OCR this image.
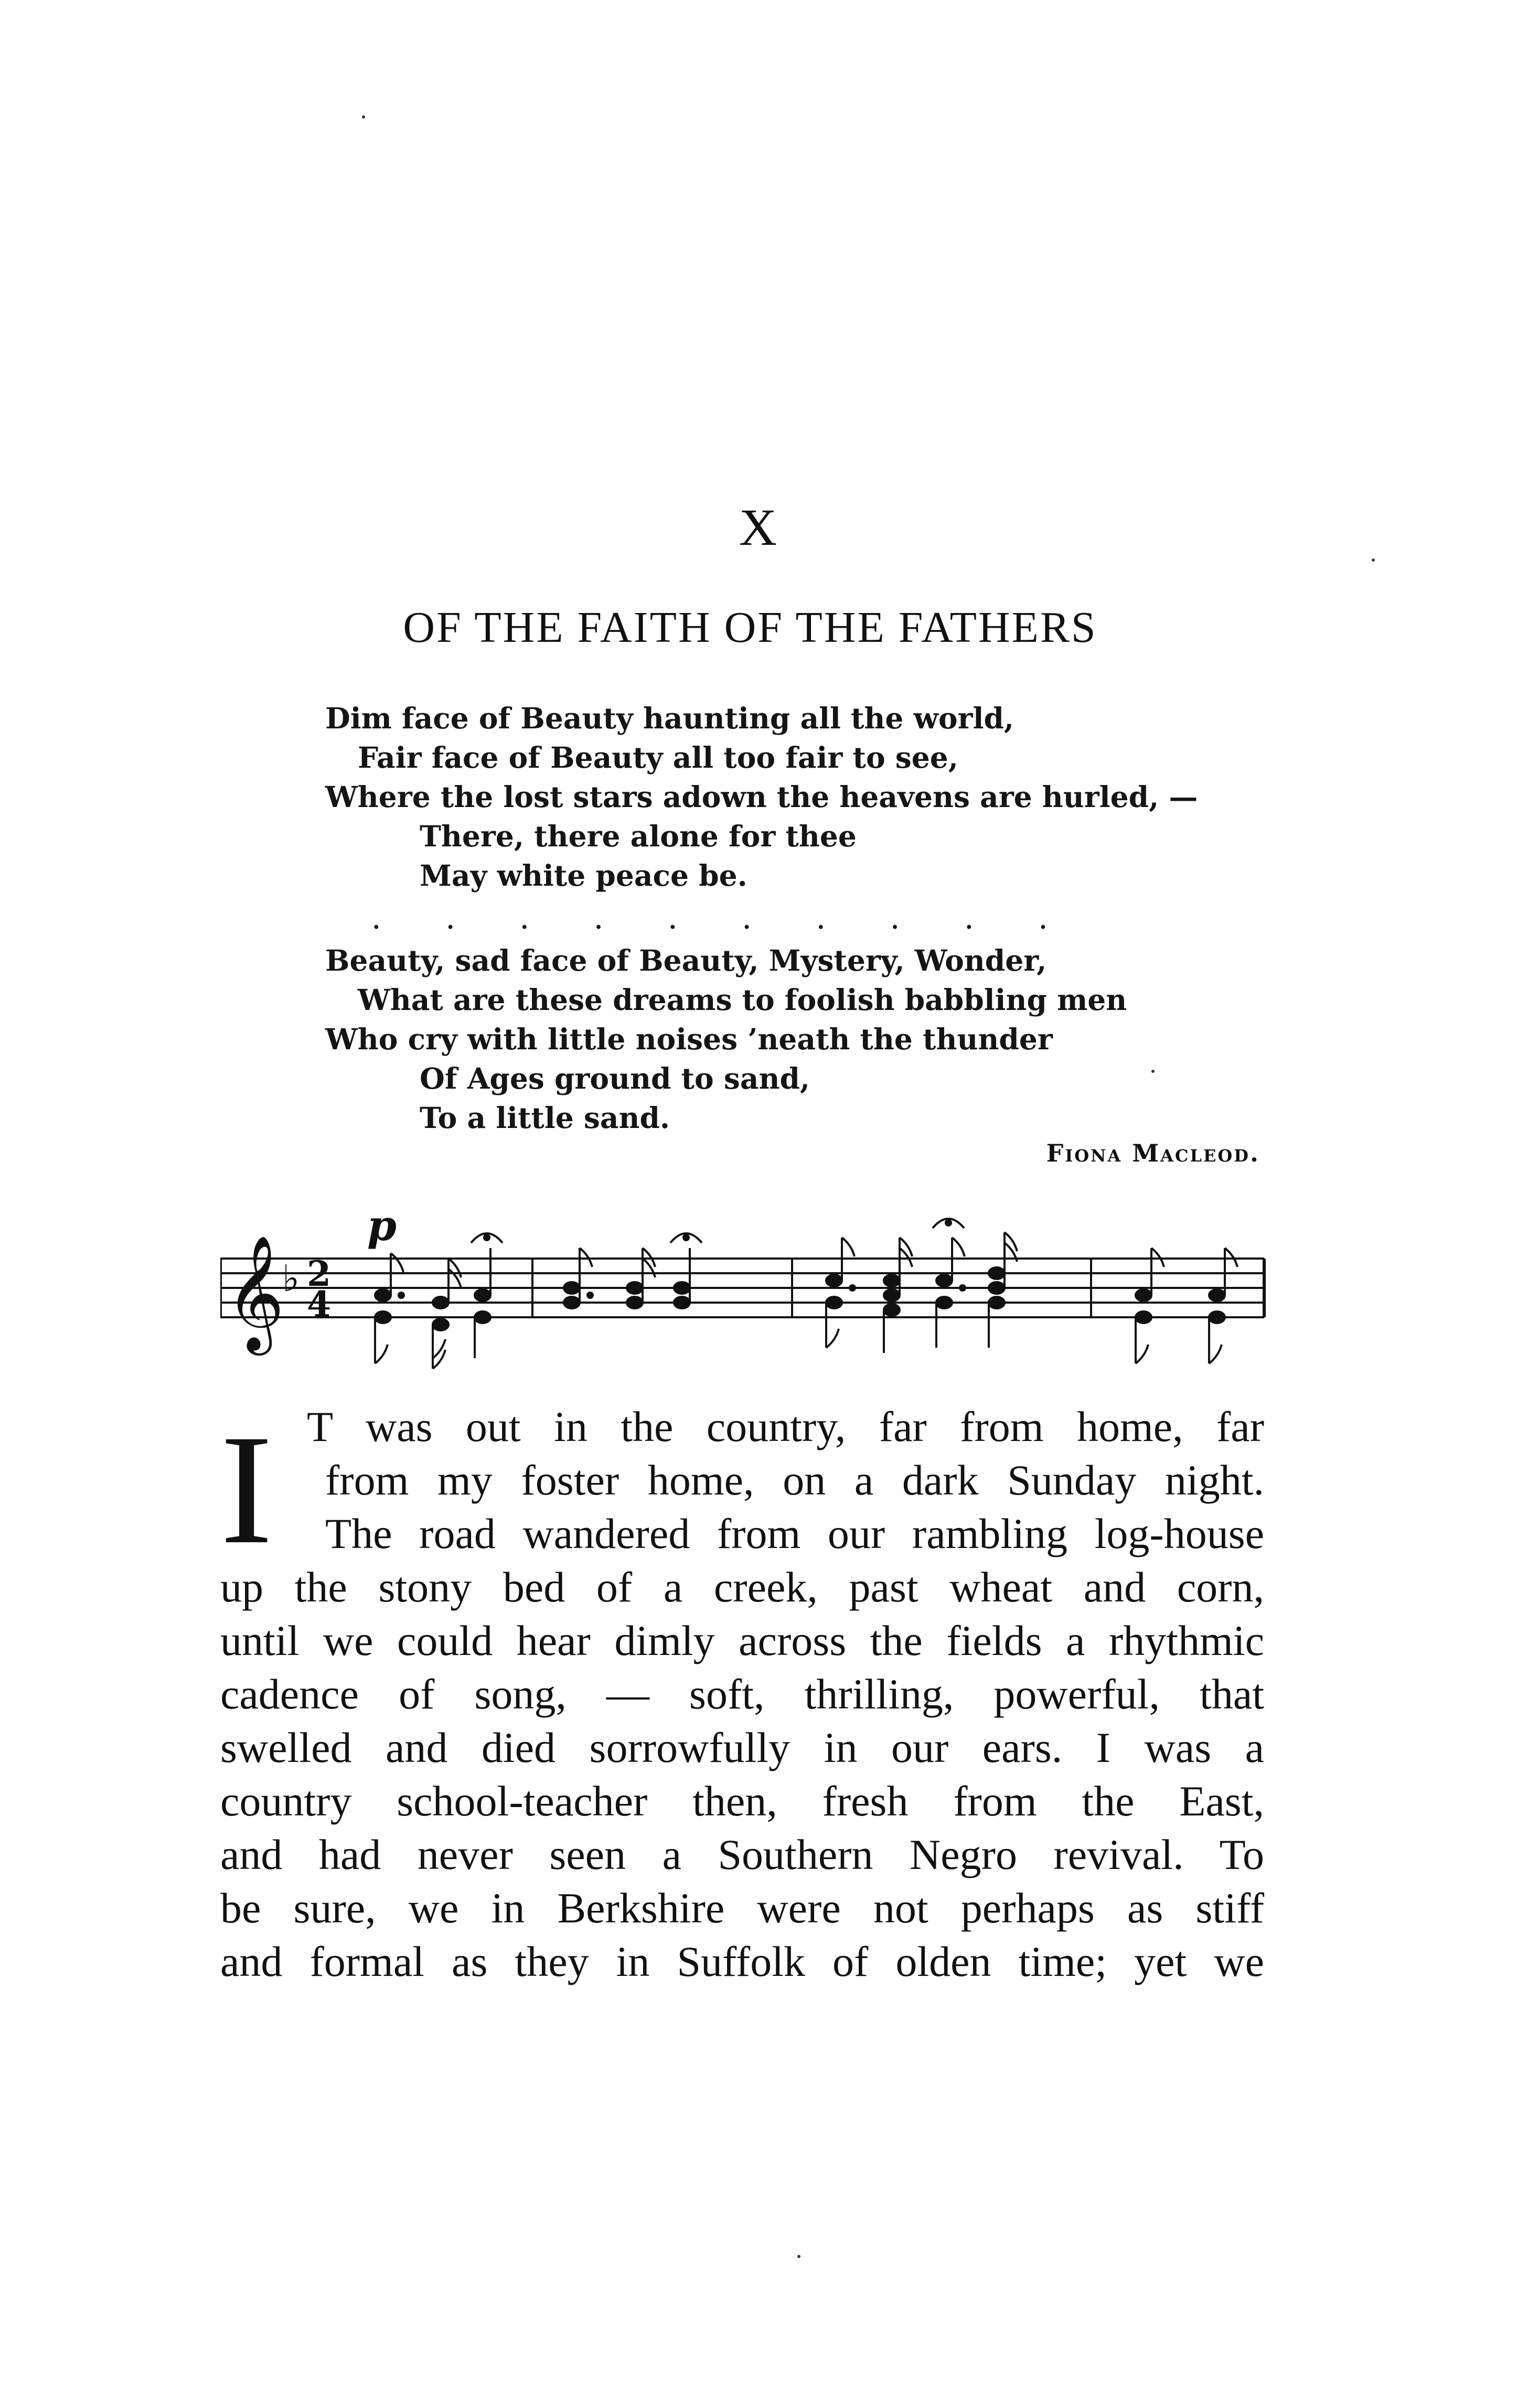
X
OF THE FAITH OF THE FATHERS
Dim face of Beauty haunting all the world,
Fair face of Beauty all too fair to see,
Where the lost stars adown the heavens are hurled, —
There, there alone for thee
May white peace be.
. . . . . . . . . .
Beauty, sad face of Beauty, Mystery, Wonder,
What are these dreams to foolish babbling men
Who cry with little noises ’neath the thunder
Of Ages ground to sand,
To a little sand.
Fiona Macleod.
𝄞
♭ 2
4
p
I T was out in the country, far from home, far
from my foster home, on a dark Sunday night.
The road wandered from our rambling log-house
up the stony bed of a creek, past wheat and corn,
until we could hear dimly across the fields a rhythmic
cadence of song, — soft, thrilling, powerful, that
swelled and died sorrowfully in our ears. I was a
country school-teacher then, fresh from the East,
and had never seen a Southern Negro revival. To
be sure, we in Berkshire were not perhaps as stiff
and formal as they in Suffolk of olden time; yet we
